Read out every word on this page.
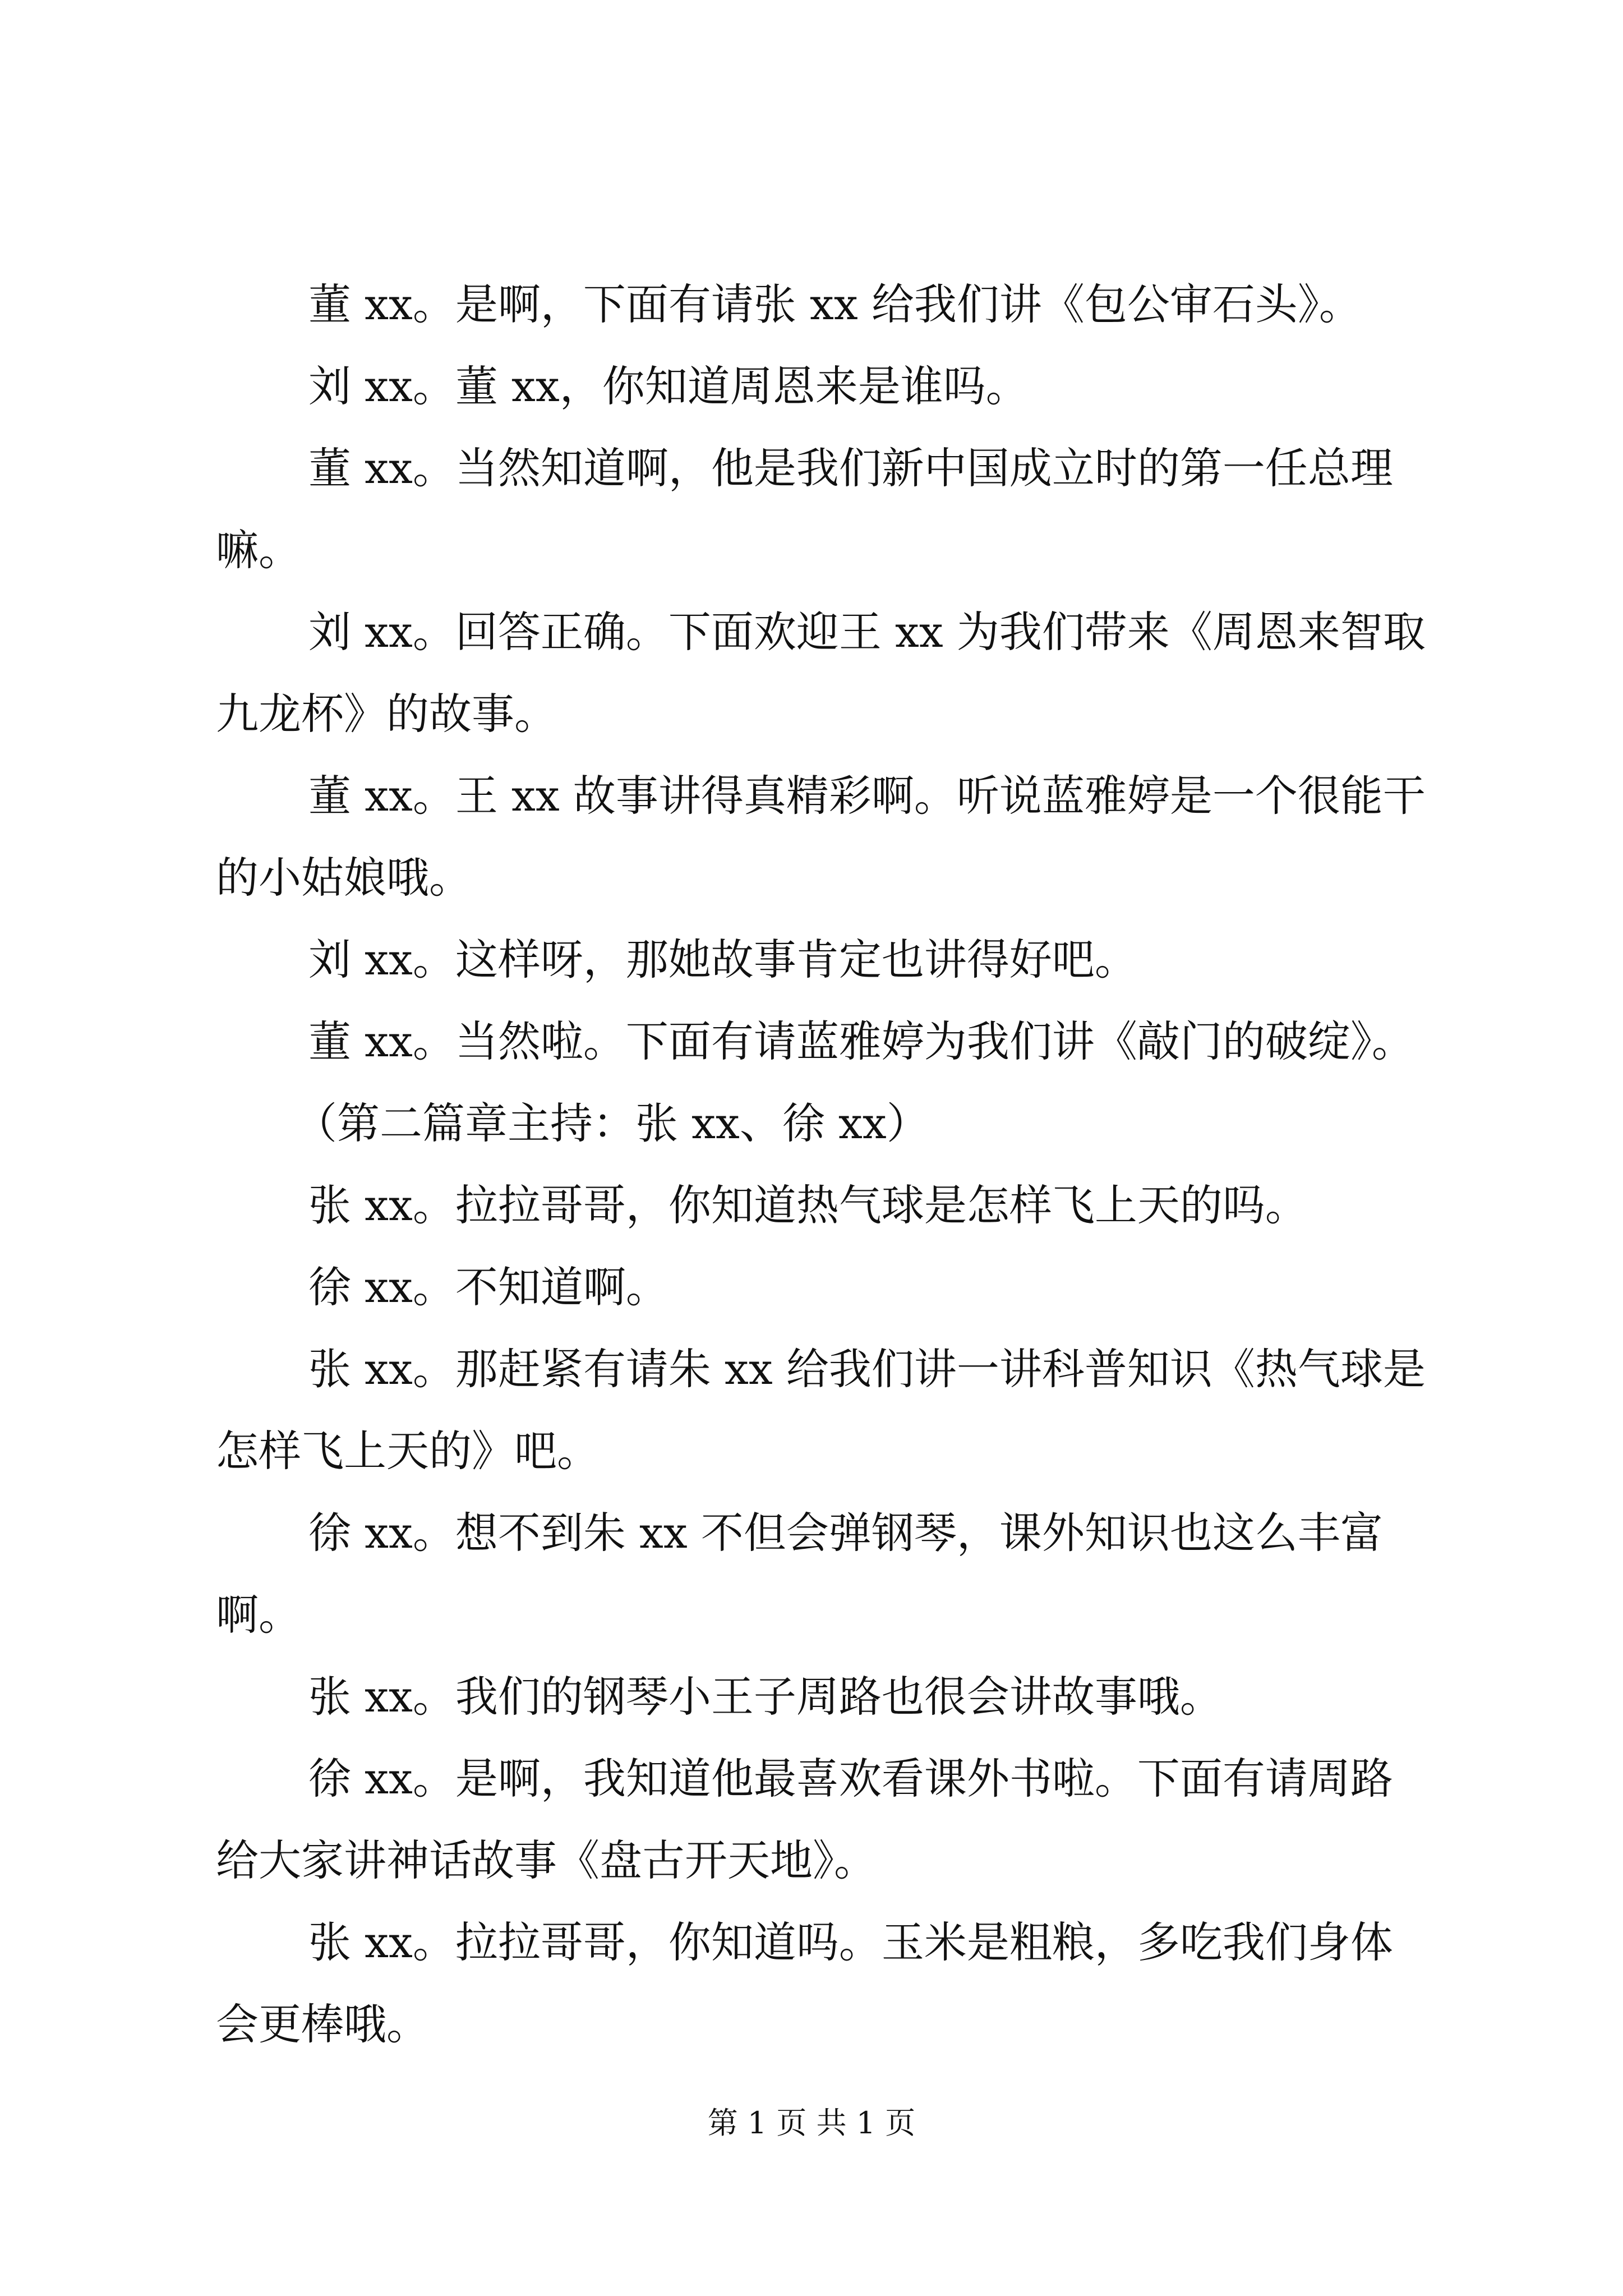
董 xx。是啊，下面有请张 xx 给我们讲《包公审石头》。

刘 xx。董 xx，你知道周恩来是谁吗。

董 xx。当然知道啊，他是我们新中国成立时的第一任总理嘛。

刘 xx。回答正确。下面欢迎王 xx 为我们带来《周恩来智取九龙杯》的故事。

董 xx。王 xx 故事讲得真精彩啊。听说蓝雅婷是一个很能干的小姑娘哦。

刘 xx。这样呀，那她故事肯定也讲得好吧。

董 xx。当然啦。下面有请蓝雅婷为我们讲《敲门的破绽》。

（第二篇章主持：张 xx、徐 xx）

张 xx。拉拉哥哥，你知道热气球是怎样飞上天的吗。

徐 xx。不知道啊。

张 xx。那赶紧有请朱 xx 给我们讲一讲科普知识《热气球是怎样飞上天的》吧。

徐 xx。想不到朱 xx 不但会弹钢琴，课外知识也这么丰富啊。

张 xx。我们的钢琴小王子周路也很会讲故事哦。

徐 xx。是啊，我知道他最喜欢看课外书啦。下面有请周路给大家讲神话故事《盘古开天地》。

张 xx。拉拉哥哥，你知道吗。玉米是粗粮，多吃我们身体会更棒哦。

第 1 页 共 1 页
